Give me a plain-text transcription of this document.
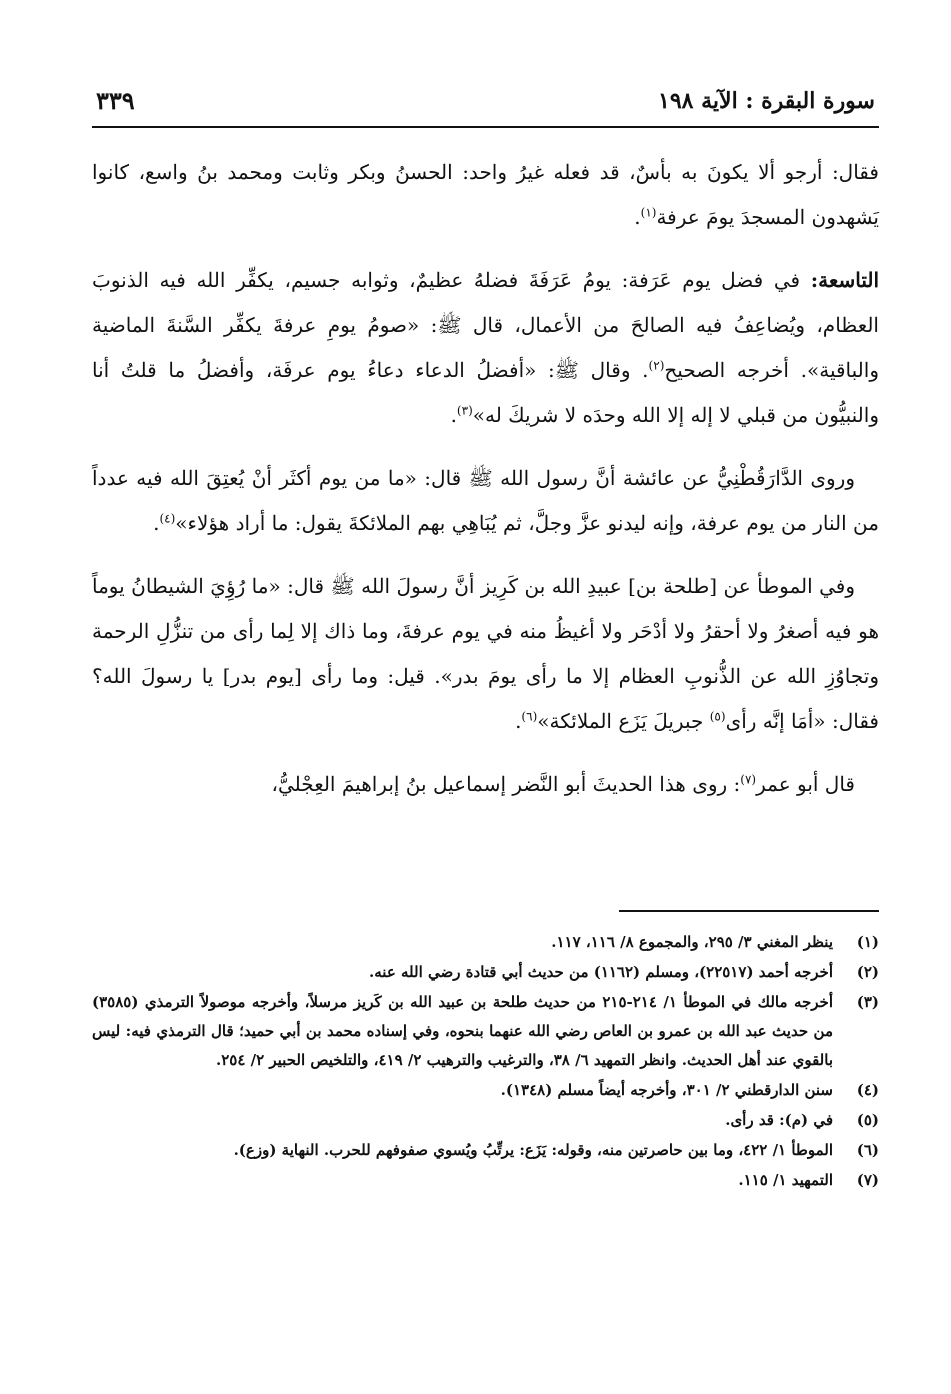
سورة البقرة : الآية ١٩٨
٣٣٩

فقال: أرجو ألا يكونَ به بأسٌ، قد فعله غيرُ واحد: الحسنُ وبكر وثابت ومحمد بنُ واسع، كانوا يَشهدون المسجدَ يومَ عرفة$^{(١)}$.

التاسعة: في فضل يوم عَرَفة: يومُ عَرَفَةَ فضلهُ عظيمٌ، وثوابه جسيم، يكفِّر الله فيه الذنوبَ العظام، ويُضاعِفُ فيه الصالحَ من الأعمال، قال ﷺ: «صومُ يومِ عرفةَ يكفِّر السَّنةَ الماضية والباقية». أخرجه الصحيح$^{(٢)}$. وقال ﷺ: «أفضلُ الدعاء دعاءُ يوم عرفَة، وأفضلُ ما قلتُ أنا والنبيُّون من قبلي لا إله إلا الله وحدَه لا شريكَ له»$^{(٣)}$.

وروى الدَّارَقُطْنِيُّ عن عائشة أنَّ رسول الله ﷺ قال: «ما من يوم أكثَر أنْ يُعتِقَ الله فيه عدداً من النار من يوم عرفة، وإنه ليدنو عزَّ وجلَّ، ثم يُبَاهِي بهم الملائكةَ يقول: ما أراد هؤلاء»$^{(٤)}$.

وفي الموطأ عن [طلحة بن] عبيدِ الله بن كَرِيز أنَّ رسولَ الله ﷺ قال: «ما رُؤِيَ الشيطانُ يوماً هو فيه أصغرُ ولا أحقرُ ولا أدْحَر ولا أغيظُ منه في يوم عرفةَ، وما ذاك إلا لِما رأى من تنزُّلِ الرحمة وتجاوُزِ الله عن الذُّنوبِ العظام إلا ما رأى يومَ بدر». قيل: وما رأى [يوم بدر] يا رسولَ الله؟ فقال: «أمَا إنَّه رأى$^{(٥)}$ جبريلَ يَزَع الملائكة»$^{(٦)}$.

قال أبو عمر$^{(٧)}$: روى هذا الحديثَ أبو النَّضر إسماعيل بنُ إبراهيمَ العِجْليُّ،

(١)
ينظر المغني ٣/ ٢٩٥، والمجموع ٨/ ١١٦، ١١٧.
(٢)
أخرجه أحمد (٢٢٥١٧)، ومسلم (١١٦٢) من حديث أبي قتادة رضي الله عنه.
(٣)
أخرجه مالك في الموطأ ١/ ٢١٤-٢١٥ من حديث طلحة بن عبيد الله بن كَريز مرسلاً، وأخرجه موصولاً الترمذي (٣٥٨٥) من حديث عبد الله بن عمرو بن العاص رضي الله عنهما بنحوه، وفي إسناده محمد بن أبي حميد؛ قال الترمذي فيه: ليس بالقوي عند أهل الحديث. وانظر التمهيد ٦/ ٣٨، والترغيب والترهيب ٢/ ٤١٩، والتلخيص الحبير ٢/ ٢٥٤.
(٤)
سنن الدارقطني ٢/ ٣٠١، وأخرجه أيضاً مسلم (١٣٤٨).
(٥)
في (م): قد رأى.
(٦)
الموطأ ١/ ٤٢٢، وما بين حاصرتين منه، وقوله: يَزَع: يرتِّبُ ويُسوي صفوفهم للحرب. النهاية (وزع).
(٧)
التمهيد ١/ ١١٥.
